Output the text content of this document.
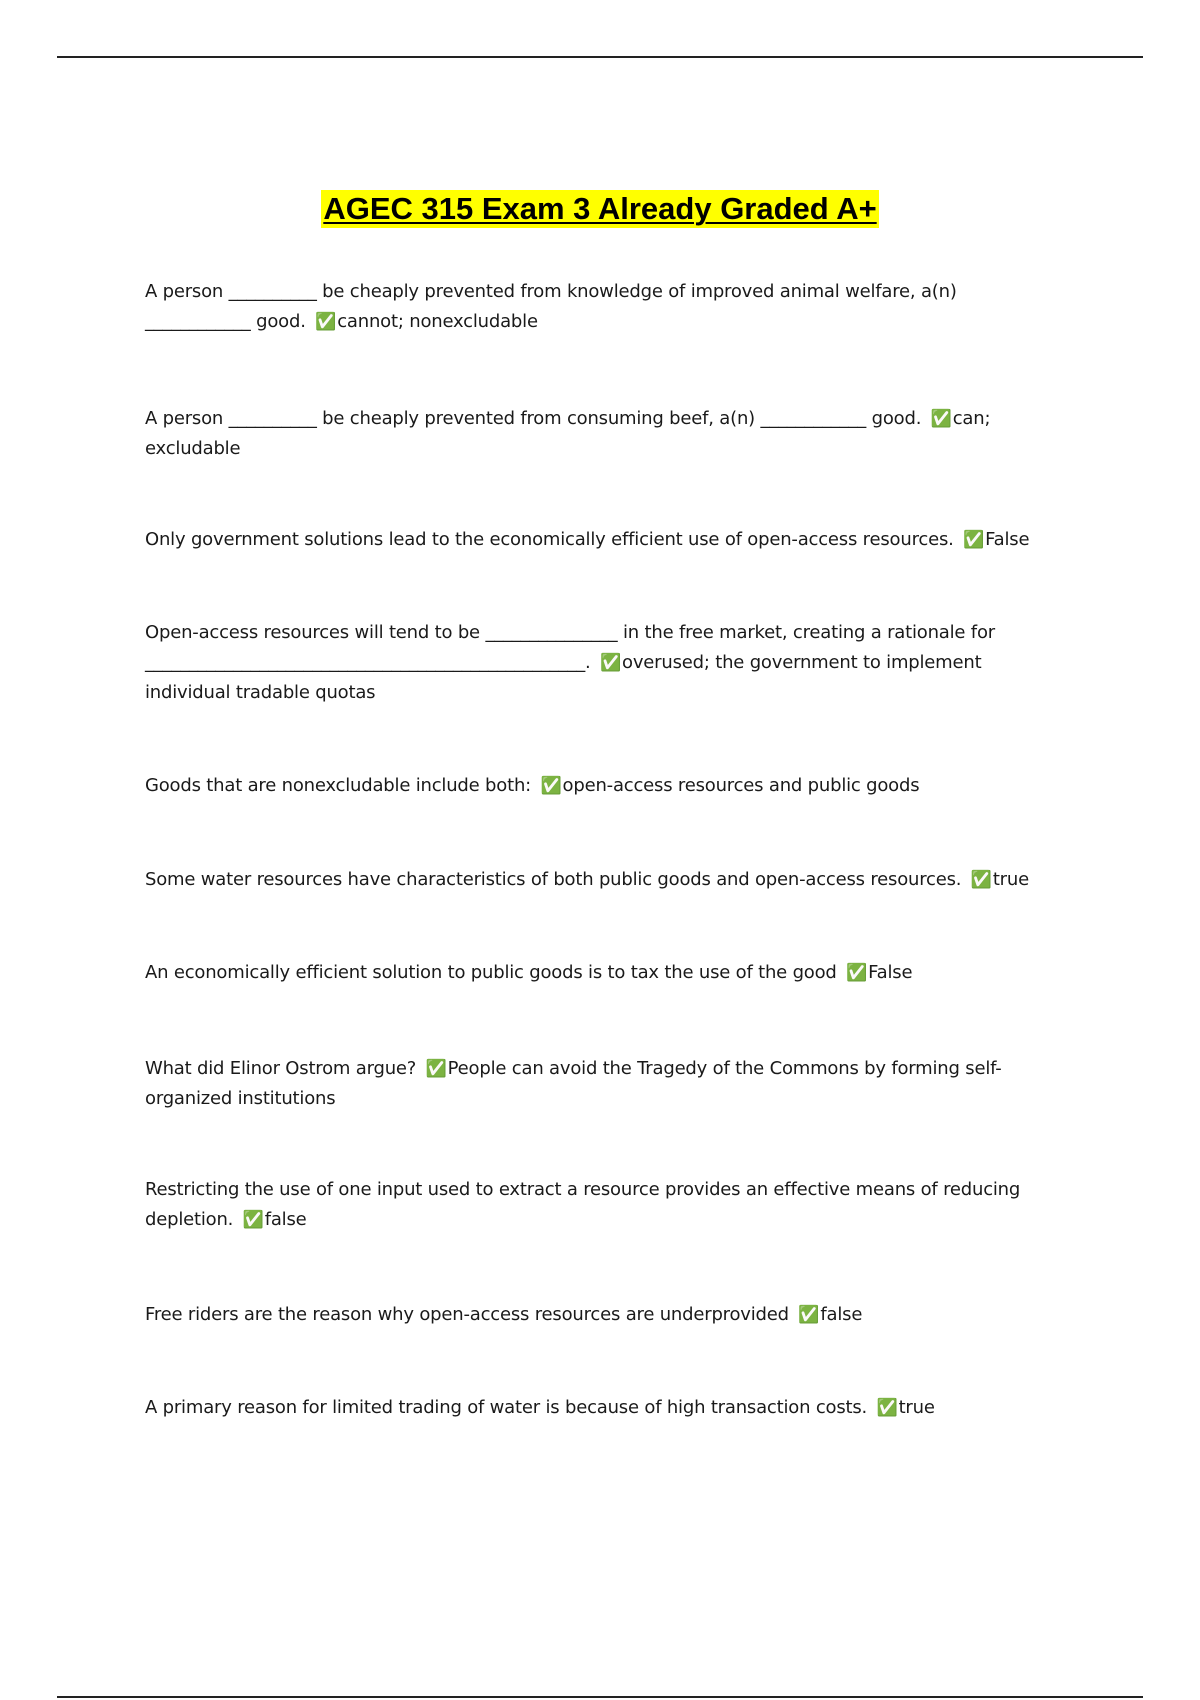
AGEC 315 Exam 3 Already Graded A+
A person __________ be cheaply prevented from knowledge of improved animal welfare, a(n) ____________ good. ✅cannot; nonexcludable
A person __________ be cheaply prevented from consuming beef, a(n) ____________ good. ✅can; excludable
Only government solutions lead to the economically efficient use of open-access resources. ✅False
Open-access resources will tend to be _______________ in the free market, creating a rationale for __________________________________________________. ✅overused; the government to implement individual tradable quotas
Goods that are nonexcludable include both: ✅open-access resources and public goods
Some water resources have characteristics of both public goods and open-access resources. ✅true
An economically efficient solution to public goods is to tax the use of the good ✅False
What did Elinor Ostrom argue? ✅People can avoid the Tragedy of the Commons by forming self-organized institutions
Restricting the use of one input used to extract a resource provides an effective means of reducing depletion. ✅false
Free riders are the reason why open-access resources are underprovided ✅false
A primary reason for limited trading of water is because of high transaction costs. ✅true
